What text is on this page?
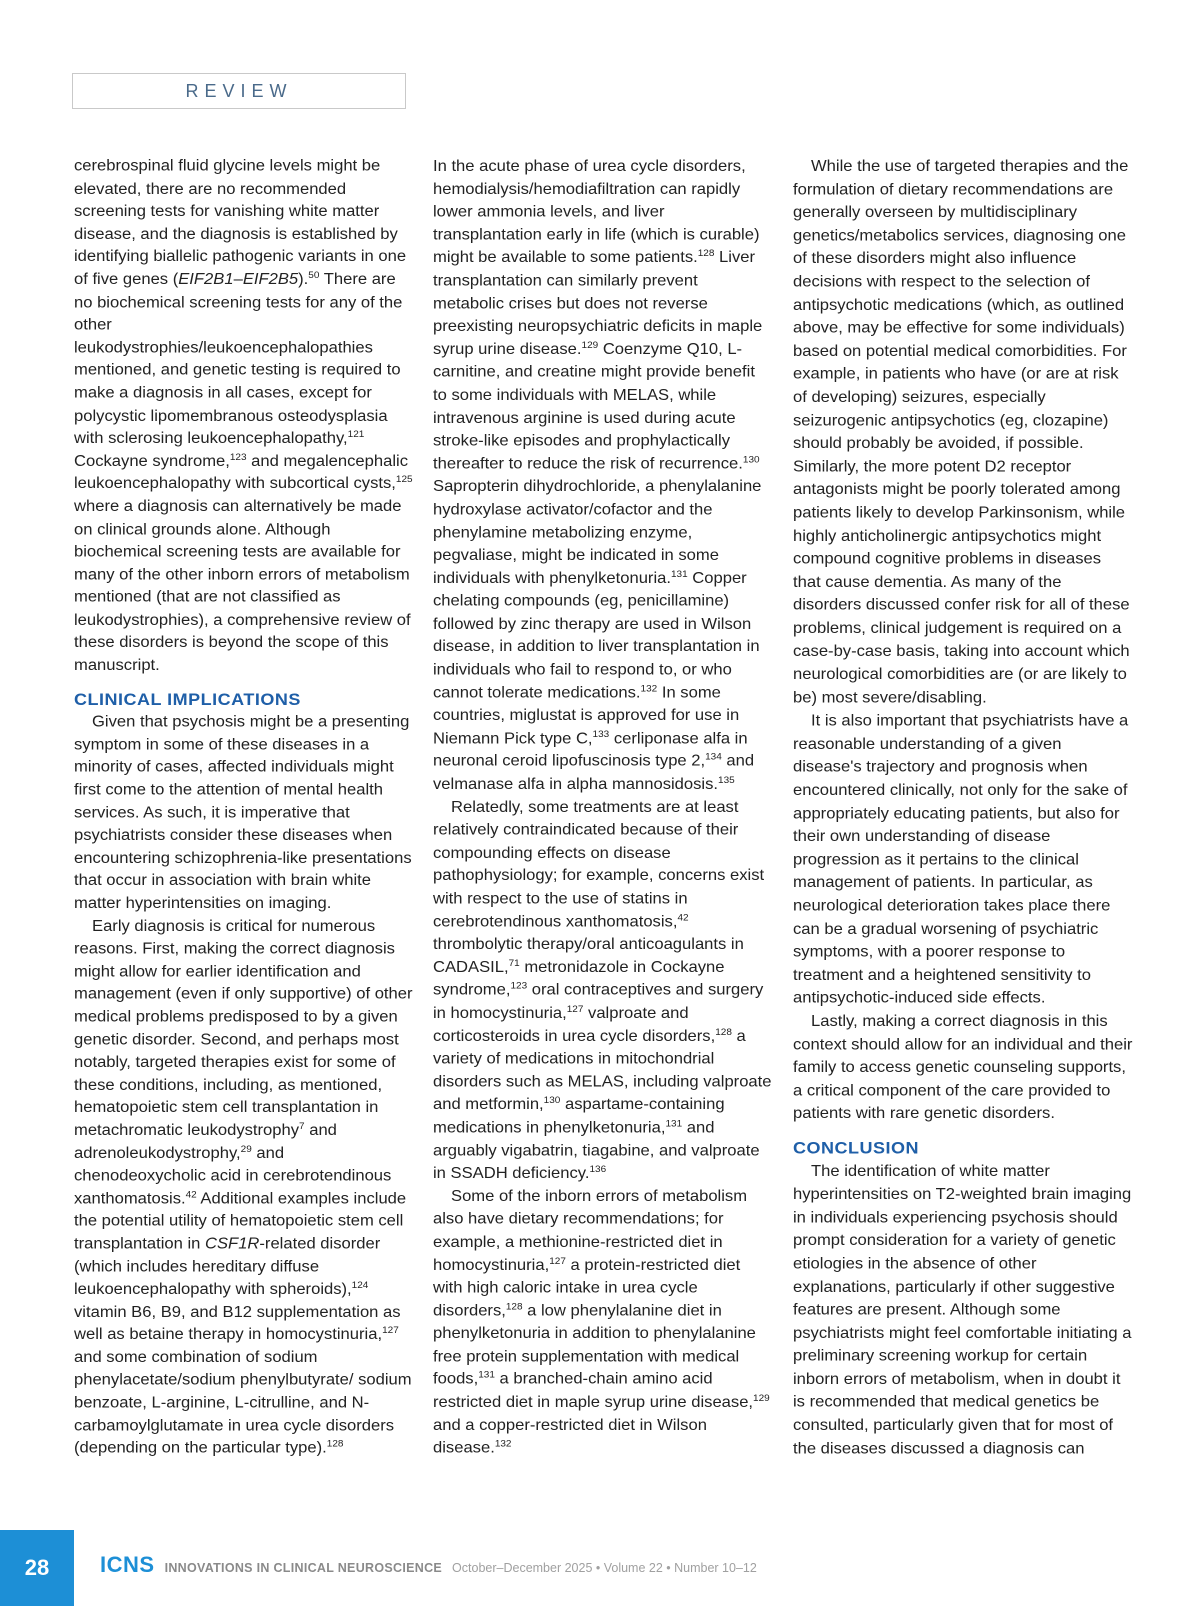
REVIEW

cerebrospinal fluid glycine levels might be elevated, there are no recommended screening tests for vanishing white matter disease, and the diagnosis is established by identifying biallelic pathogenic variants in one of five genes (EIF2B1–EIF2B5).$^{50}$ There are no biochemical screening tests for any of the other leukodystrophies/leukoencephalopathies mentioned, and genetic testing is required to make a diagnosis in all cases, except for polycystic lipomembranous osteodysplasia with sclerosing leukoencephalopathy,$^{121}$ Cockayne syndrome,$^{123}$ and megalencephalic leukoencephalopathy with subcortical cysts,$^{125}$ where a diagnosis can alternatively be made on clinical grounds alone. Although biochemical screening tests are available for many of the other inborn errors of metabolism mentioned (that are not classified as leukodystrophies), a comprehensive review of these disorders is beyond the scope of this manuscript.

CLINICAL IMPLICATIONS

Given that psychosis might be a presenting symptom in some of these diseases in a minority of cases, affected individuals might first come to the attention of mental health services. As such, it is imperative that psychiatrists consider these diseases when encountering schizophrenia-like presentations that occur in association with brain white matter hyperintensities on imaging.

Early diagnosis is critical for numerous reasons. First, making the correct diagnosis might allow for earlier identification and management (even if only supportive) of other medical problems predisposed to by a given genetic disorder. Second, and perhaps most notably, targeted therapies exist for some of these conditions, including, as mentioned, hematopoietic stem cell transplantation in metachromatic leukodystrophy$^7$ and adrenoleukodystrophy,$^{29}$ and chenodeoxycholic acid in cerebrotendinous xanthomatosis.$^{42}$ Additional examples include the potential utility of hematopoietic stem cell transplantation in CSF1R-related disorder (which includes hereditary diffuse leukoencephalopathy with spheroids),$^{124}$ vitamin B6, B9, and B12 supplementation as well as betaine therapy in homocystinuria,$^{127}$ and some combination of sodium phenylacetate/sodium phenylbutyrate/ sodium benzoate, L-arginine, L-citrulline, and N-carbamoylglutamate in urea cycle disorders (depending on the particular type).$^{128}$

In the acute phase of urea cycle disorders, hemodialysis/hemodiafiltration can rapidly lower ammonia levels, and liver transplantation early in life (which is curable) might be available to some patients.$^{128}$ Liver transplantation can similarly prevent metabolic crises but does not reverse preexisting neuropsychiatric deficits in maple syrup urine disease.$^{129}$ Coenzyme Q10, L-carnitine, and creatine might provide benefit to some individuals with MELAS, while intravenous arginine is used during acute stroke-like episodes and prophylactically thereafter to reduce the risk of recurrence.$^{130}$ Sapropterin dihydrochloride, a phenylalanine hydroxylase activator/cofactor and the phenylamine metabolizing enzyme, pegvaliase, might be indicated in some individuals with phenylketonuria.$^{131}$ Copper chelating compounds (eg, penicillamine) followed by zinc therapy are used in Wilson disease, in addition to liver transplantation in individuals who fail to respond to, or who cannot tolerate medications.$^{132}$ In some countries, miglustat is approved for use in Niemann Pick type C,$^{133}$ cerliponase alfa in neuronal ceroid lipofuscinosis type 2,$^{134}$ and velmanase alfa in alpha mannosidosis.$^{135}$

Relatedly, some treatments are at least relatively contraindicated because of their compounding effects on disease pathophysiology; for example, concerns exist with respect to the use of statins in cerebrotendinous xanthomatosis,$^{42}$ thrombolytic therapy/oral anticoagulants in CADASIL,$^{71}$ metronidazole in Cockayne syndrome,$^{123}$ oral contraceptives and surgery in homocystinuria,$^{127}$ valproate and corticosteroids in urea cycle disorders,$^{128}$ a variety of medications in mitochondrial disorders such as MELAS, including valproate and metformin,$^{130}$ aspartame-containing medications in phenylketonuria,$^{131}$ and arguably vigabatrin, tiagabine, and valproate in SSADH deficiency.$^{136}$

Some of the inborn errors of metabolism also have dietary recommendations; for example, a methionine-restricted diet in homocystinuria,$^{127}$ a protein-restricted diet with high caloric intake in urea cycle disorders,$^{128}$ a low phenylalanine diet in phenylketonuria in addition to phenylalanine free protein supplementation with medical foods,$^{131}$ a branched-chain amino acid restricted diet in maple syrup urine disease,$^{129}$ and a copper-restricted diet in Wilson disease.$^{132}$

While the use of targeted therapies and the formulation of dietary recommendations are generally overseen by multidisciplinary genetics/metabolics services, diagnosing one of these disorders might also influence decisions with respect to the selection of antipsychotic medications (which, as outlined above, may be effective for some individuals) based on potential medical comorbidities. For example, in patients who have (or are at risk of developing) seizures, especially seizurogenic antipsychotics (eg, clozapine) should probably be avoided, if possible. Similarly, the more potent D2 receptor antagonists might be poorly tolerated among patients likely to develop Parkinsonism, while highly anticholinergic antipsychotics might compound cognitive problems in diseases that cause dementia. As many of the disorders discussed confer risk for all of these problems, clinical judgement is required on a case-by-case basis, taking into account which neurological comorbidities are (or are likely to be) most severe/disabling.

It is also important that psychiatrists have a reasonable understanding of a given disease's trajectory and prognosis when encountered clinically, not only for the sake of appropriately educating patients, but also for their own understanding of disease progression as it pertains to the clinical management of patients. In particular, as neurological deterioration takes place there can be a gradual worsening of psychiatric symptoms, with a poorer response to treatment and a heightened sensitivity to antipsychotic-induced side effects.

Lastly, making a correct diagnosis in this context should allow for an individual and their family to access genetic counseling supports, a critical component of the care provided to patients with rare genetic disorders.

CONCLUSION

The identification of white matter hyperintensities on T2-weighted brain imaging in individuals experiencing psychosis should prompt consideration for a variety of genetic etiologies in the absence of other explanations, particularly if other suggestive features are present. Although some psychiatrists might feel comfortable initiating a preliminary screening workup for certain inborn errors of metabolism, when in doubt it is recommended that medical genetics be consulted, particularly given that for most of the diseases discussed a diagnosis can

28	ICNS INNOVATIONS IN CLINICAL NEUROSCIENCE October–December 2025 • Volume 22 • Number 10–12
